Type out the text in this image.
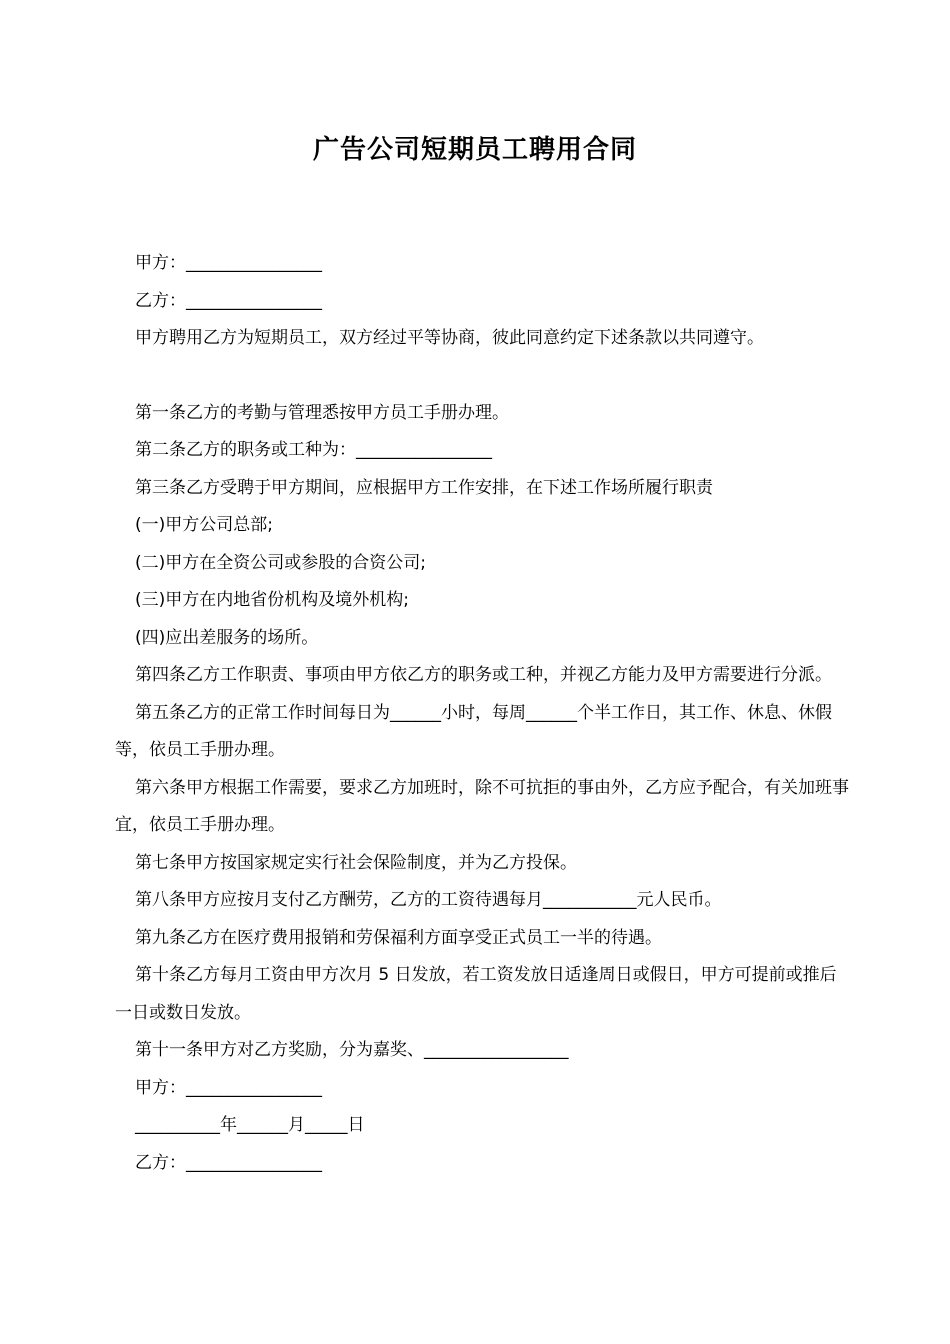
广告公司短期员工聘用合同

甲方：________________

乙方：________________

甲方聘用乙方为短期员工，双方经过平等协商，彼此同意约定下述条款以共同遵守。

第一条乙方的考勤与管理悉按甲方员工手册办理。

第二条乙方的职务或工种为：________________

第三条乙方受聘于甲方期间，应根据甲方工作安排，在下述工作场所履行职责

(一)甲方公司总部;

(二)甲方在全资公司或参股的合资公司;

(三)甲方在内地省份机构及境外机构;

(四)应出差服务的场所。

第四条乙方工作职责、事项由甲方依乙方的职务或工种，并视乙方能力及甲方需要进行分派。

第五条乙方的正常工作时间每日为______小时，每周______个半工作日，其工作、休息、休假等，依员工手册办理。

第六条甲方根据工作需要，要求乙方加班时，除不可抗拒的事由外，乙方应予配合，有关加班事宜，依员工手册办理。

第七条甲方按国家规定实行社会保险制度，并为乙方投保。

第八条甲方应按月支付乙方酬劳，乙方的工资待遇每月___________元人民币。

第九条乙方在医疗费用报销和劳保福利方面享受正式员工一半的待遇。

第十条乙方每月工资由甲方次月 5 日发放，若工资发放日适逢周日或假日，甲方可提前或推后一日或数日发放。

第十一条甲方对乙方奖励，分为嘉奖、_________________

甲方：________________

__________年______月_____日

乙方：________________
